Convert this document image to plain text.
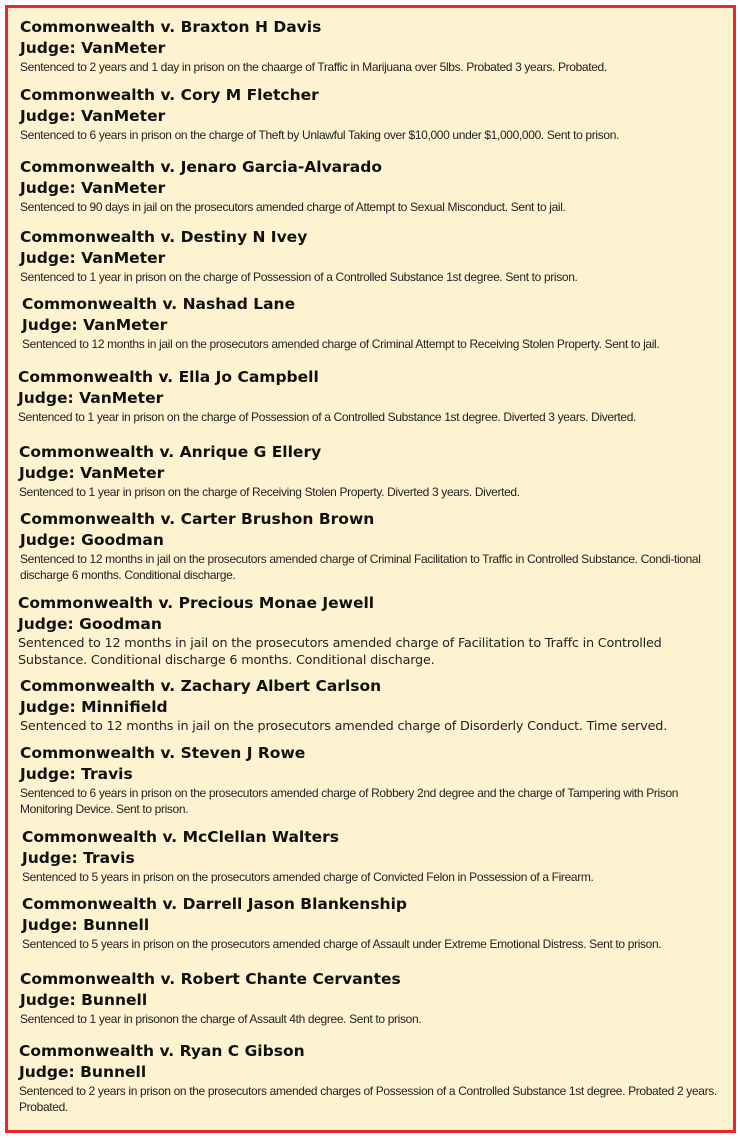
Commonwealth v. Braxton H Davis
Judge: VanMeter
Sentenced to 2 years and 1 day in prison on the chaarge of Traffic in Marijuana over 5lbs. Probated 3 years. Probated.
Commonwealth v. Cory M Fletcher
Judge: VanMeter
Sentenced to 6 years in prison on the charge of Theft by Unlawful Taking over $10,000 under $1,000,000. Sent to prison.
Commonwealth v. Jenaro Garcia-Alvarado
Judge: VanMeter
Sentenced to 90 days in jail on the prosecutors amended charge of Attempt to Sexual Misconduct. Sent to jail.
Commonwealth v. Destiny N Ivey
Judge: VanMeter
Sentenced to 1 year in prison on the charge of Possession of a Controlled Substance 1st degree. Sent to prison.
Commonwealth v. Nashad Lane
Judge: VanMeter
Sentenced to 12 months in jail on the prosecutors amended charge of Criminal Attempt to Receiving Stolen Property. Sent to jail.
Commonwealth v. Ella Jo Campbell
Judge: VanMeter
Sentenced to 1 year in prison on the charge of Possession of a Controlled Substance 1st degree. Diverted 3 years. Diverted.
Commonwealth v. Anrique G Ellery
Judge: VanMeter
Sentenced to 1 year in prison on the charge of Receiving Stolen Property. Diverted 3 years. Diverted.
Commonwealth v. Carter Brushon Brown
Judge: Goodman
Sentenced to 12 months in jail on the prosecutors amended charge of Criminal Facilitation to Traffic in Controlled Substance. Condi-tional discharge 6 months. Conditional discharge.
Commonwealth v. Precious Monae Jewell
Judge: Goodman
Sentenced to 12 months in jail on the prosecutors amended charge of Facilitation to Traffc in Controlled Substance. Conditional discharge 6 months. Conditional discharge.
Commonwealth v. Zachary Albert Carlson
Judge: Minnifield
Sentenced to 12 months in jail on the prosecutors amended charge of Disorderly Conduct. Time served.
Commonwealth v. Steven J Rowe
Judge: Travis
Sentenced to 6 years in prison on the prosecutors amended charge of Robbery 2nd degree and the charge of Tampering with Prison Monitoring Device. Sent to prison.
Commonwealth v. McClellan Walters
Judge: Travis
Sentenced to 5 years in prison on the prosecutors amended charge of Convicted Felon in Possession of a Firearm.
Commonwealth v. Darrell Jason Blankenship
Judge: Bunnell
Sentenced to 5 years in prison on the prosecutors amended charge of Assault under Extreme Emotional Distress. Sent to prison.
Commonwealth v. Robert Chante Cervantes
Judge: Bunnell
Sentenced to 1 year in prisonon the charge of Assault 4th degree. Sent to prison.
Commonwealth v. Ryan C Gibson
Judge: Bunnell
Sentenced to 2 years in prison on the prosecutors amended charges of Possession of a Controlled Substance 1st degree. Probated 2 years. Probated.
